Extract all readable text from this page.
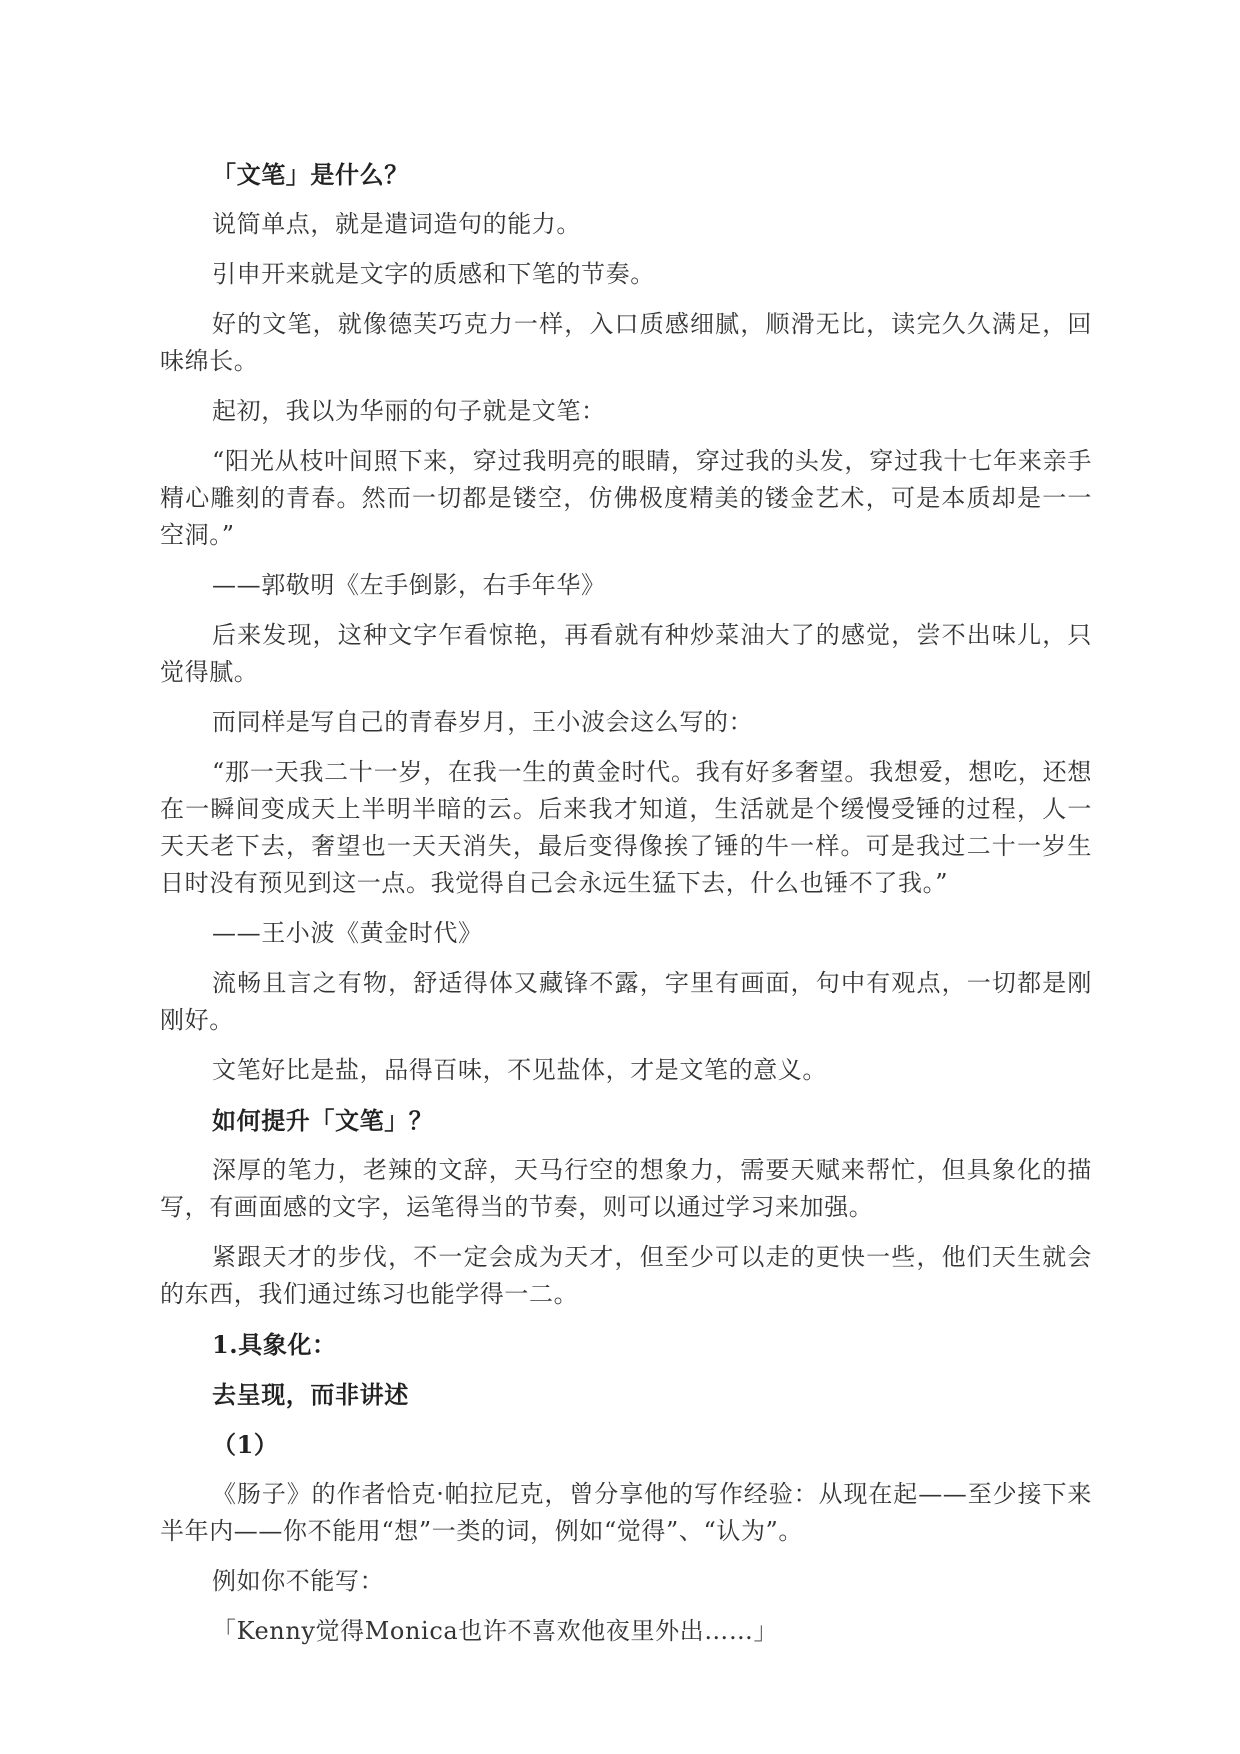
「文笔」是什么？

说简单点，就是遣词造句的能力。

引申开来就是文字的质感和下笔的节奏。

好的文笔，就像德芙巧克力一样，入口质感细腻，顺滑无比，读完久久满足，回味绵长。

起初，我以为华丽的句子就是文笔：

“阳光从枝叶间照下来，穿过我明亮的眼睛，穿过我的头发，穿过我十七年来亲手精心雕刻的青春。然而一切都是镂空，仿佛极度精美的镂金艺术，可是本质却是一一空洞。”

——郭敬明《左手倒影，右手年华》

后来发现，这种文字乍看惊艳，再看就有种炒菜油大了的感觉，尝不出味儿，只觉得腻。

而同样是写自己的青春岁月，王小波会这么写的：

“那一天我二十一岁，在我一生的黄金时代。我有好多奢望。我想爱，想吃，还想在一瞬间变成天上半明半暗的云。后来我才知道，生活就是个缓慢受锤的过程，人一天天老下去，奢望也一天天消失，最后变得像挨了锤的牛一样。可是我过二十一岁生日时没有预见到这一点。我觉得自己会永远生猛下去，什么也锤不了我。”

——王小波《黄金时代》

流畅且言之有物，舒适得体又藏锋不露，字里有画面，句中有观点，一切都是刚刚好。

文笔好比是盐，品得百味，不见盐体，才是文笔的意义。

如何提升「文笔」？

深厚的笔力，老辣的文辞，天马行空的想象力，需要天赋来帮忙，但具象化的描写，有画面感的文字，运笔得当的节奏，则可以通过学习来加强。

紧跟天才的步伐，不一定会成为天才，但至少可以走的更快一些，他们天生就会的东西，我们通过练习也能学得一二。

1.具象化：

去呈现，而非讲述

（1）

《肠子》的作者恰克·帕拉尼克，曾分享他的写作经验：从现在起——至少接下来半年内——你不能用“想”一类的词，例如“觉得”、“认为”。

例如你不能写：

「Kenny觉得Monica也许不喜欢他夜里外出……」
